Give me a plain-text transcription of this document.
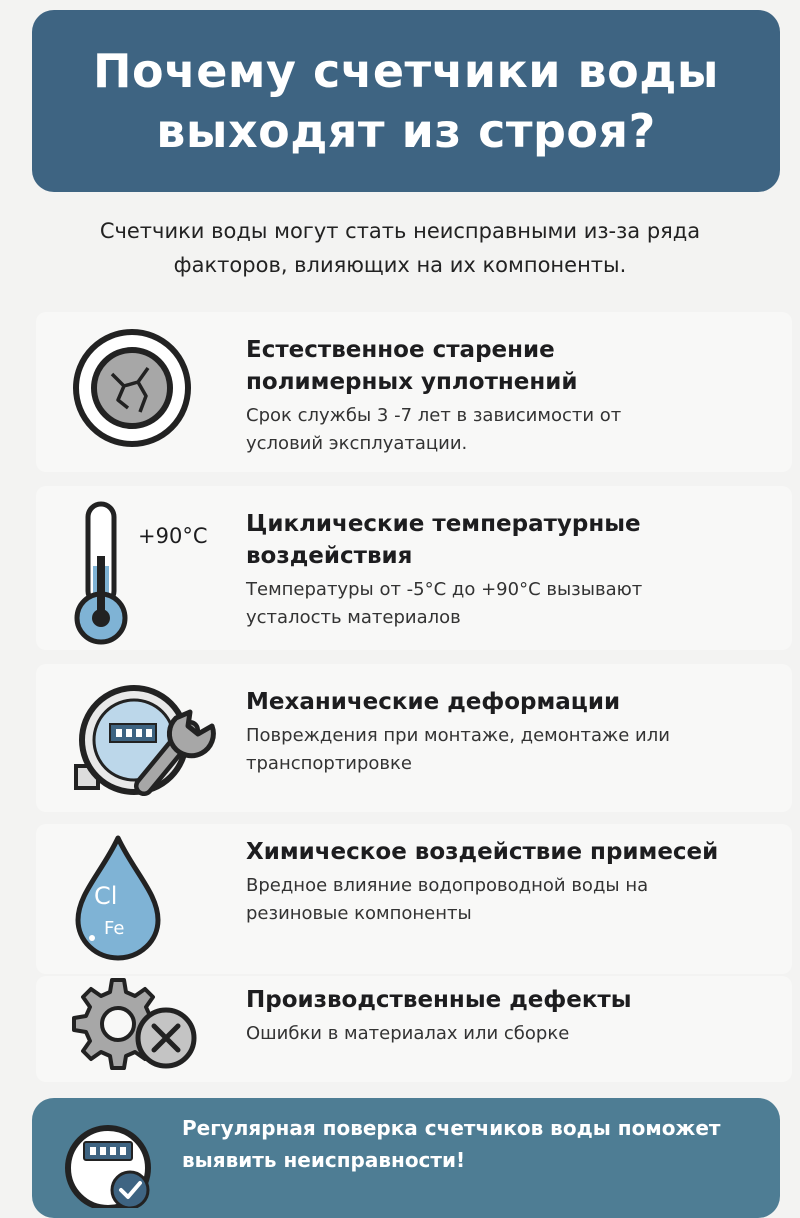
Почему счетчики воды выходят из строя?
Счетчики воды могут стать неисправными из-за ряда факторов, влияющих на их компоненты.
Естественное старение полимерных уплотнений

Срок службы 3 -7 лет в зависимости от условий эксплуатации.

+90°C Циклические температурные воздействия

Температуры от -5°C до +90°C вызывают усталость материалов

Механические деформации

Повреждения при монтаже, демонтаже или транспортировке

Cl
Fe
Химическое воздействие примесей

Вредное влияние водопроводной воды на резиновые компоненты

Производственные дефекты

Ошибки в материалах или сборке

Регулярная поверка счетчиков воды поможет выявить неисправности!
